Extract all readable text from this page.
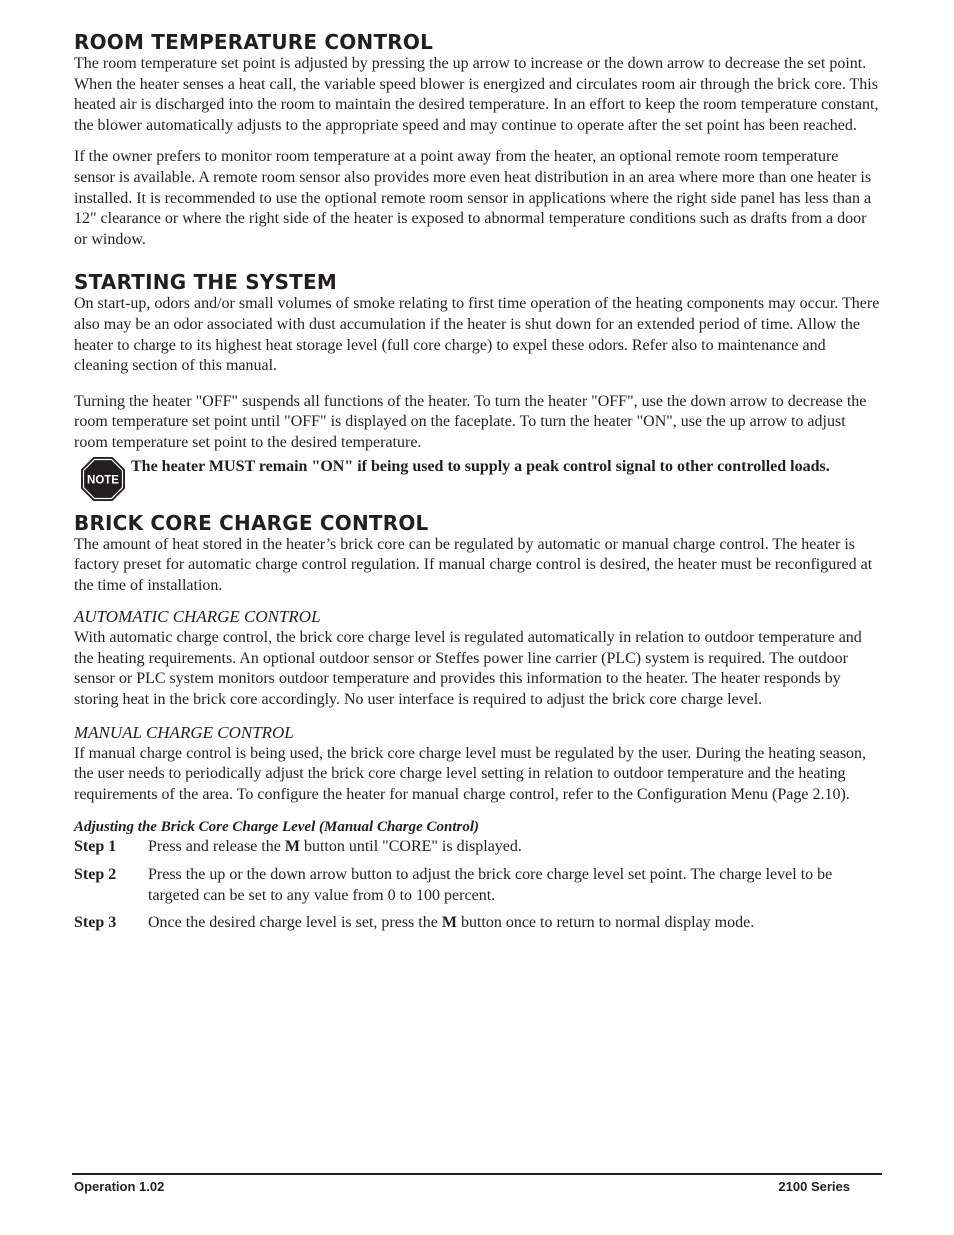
ROOM TEMPERATURE CONTROL

The room temperature set point is adjusted by pressing the up arrow to increase or the down arrow to decrease the set point. When the heater senses a heat call, the variable speed blower is energized and circulates room air through the brick core. This heated air is discharged into the room to maintain the desired temperature. In an effort to keep the room temperature constant, the blower automatically adjusts to the appropriate speed and may continue to operate after the set point has been reached.

If the owner prefers to monitor room temperature at a point away from the heater, an optional remote room temperature sensor is available. A remote room sensor also provides more even heat distribution in an area where more than one heater is installed. It is recommended to use the optional remote room sensor in applications where the right side panel has less than a 12" clearance or where the right side of the heater is exposed to abnormal temperature conditions such as drafts from a door or window.

STARTING THE SYSTEM

On start-up, odors and/or small volumes of smoke relating to first time operation of the heating components may occur. There also may be an odor associated with dust accumulation if the heater is shut down for an extended period of time. Allow the heater to charge to its highest heat storage level (full core charge) to expel these odors. Refer also to maintenance and cleaning section of this manual.

Turning the heater "OFF" suspends all functions of the heater. To turn the heater "OFF", use the down arrow to decrease the room temperature set point until "OFF" is displayed on the faceplate. To turn the heater "ON", use the up arrow to adjust room temperature set point to the desired temperature.

NOTE
The heater MUST remain "ON" if being used to supply a peak control signal to other controlled loads.
BRICK CORE CHARGE CONTROL

The amount of heat stored in the heater’s brick core can be regulated by automatic or manual charge control. The heater is factory preset for automatic charge control regulation. If manual charge control is desired, the heater must be reconfigured at the time of installation.

AUTOMATIC CHARGE CONTROL

With automatic charge control, the brick core charge level is regulated automatically in relation to outdoor temperature and the heating requirements. An optional outdoor sensor or Steffes power line carrier (PLC) system is required. The outdoor sensor or PLC system monitors outdoor temperature and provides this information to the heater. The heater responds by storing heat in the brick core accordingly. No user interface is required to adjust the brick core charge level.

MANUAL CHARGE CONTROL

If manual charge control is being used, the brick core charge level must be regulated by the user. During the heating season, the user needs to periodically adjust the brick core charge level setting in relation to outdoor temperature and the heating requirements of the area. To configure the heater for manual charge control, refer to the Configuration Menu (Page 2.10).

Adjusting the Brick Core Charge Level (Manual Charge Control)
Step 1	Press and release the M button until "CORE" is displayed.
Step 2	Press the up or the down arrow button to adjust the brick core charge level set point. The charge level to be targeted can be set to any value from 0 to 100 percent.
Step 3	Once the desired charge level is set, press the M button once to return to normal display mode.
Operation 1.02	2100 Series
